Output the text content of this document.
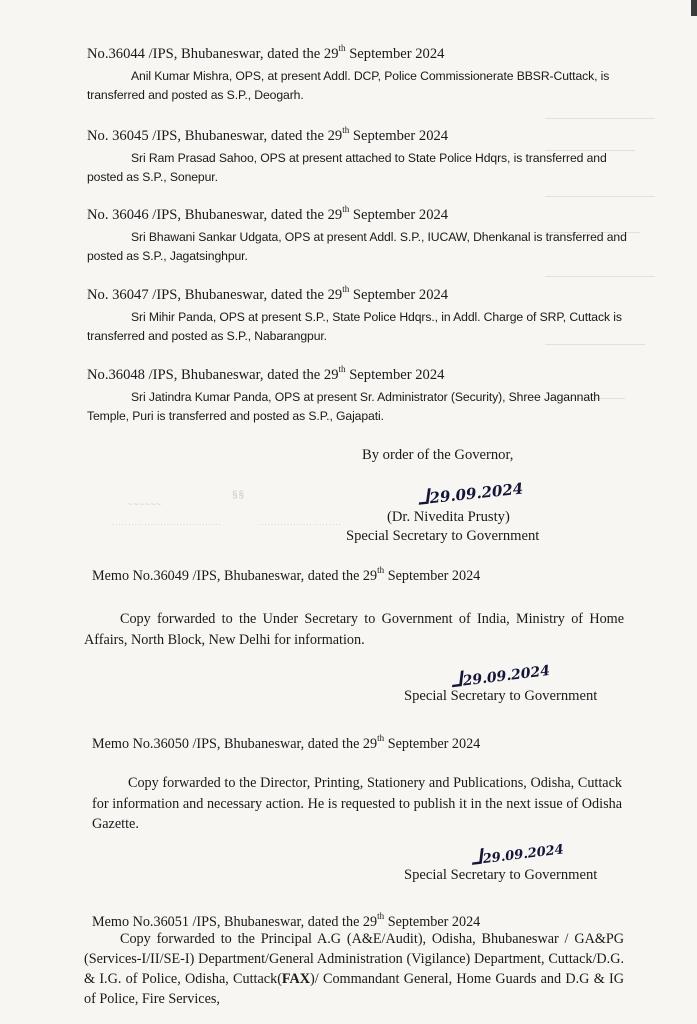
No.36044 /IPS, Bhubaneswar, dated the 29th September 2024
Anil Kumar Mishra, OPS, at present Addl. DCP, Police Commissionerate BBSR-Cuttack, is transferred and posted as S.P., Deogarh.
No. 36045 /IPS, Bhubaneswar, dated the 29th September 2024
Sri Ram Prasad Sahoo, OPS at present attached to State Police Hdqrs, is transferred and posted as S.P., Sonepur.
No. 36046 /IPS, Bhubaneswar, dated the 29th September 2024
Sri Bhawani Sankar Udgata, OPS at present Addl. S.P., IUCAW, Dhenkanal is transferred and posted as S.P., Jagatsinghpur.
No. 36047 /IPS, Bhubaneswar, dated the 29th September 2024
Sri Mihir Panda, OPS at present S.P., State Police Hdqrs., in Addl. Charge of SRP, Cuttack is transferred and posted as S.P., Nabarangpur.
No.36048 /IPS, Bhubaneswar, dated the 29th September 2024
Sri Jatindra Kumar Panda, OPS at present Sr. Administrator (Security), Shree Jagannath Temple, Puri is transferred and posted as S.P., Gajapati.
By order of the Governor,
~~~~~~
§§
..................................	..........................
ᒧ29.09.2024
(Dr. Nivedita Prusty)
Special Secretary to Government
Memo No.36049 /IPS, Bhubaneswar, dated the 29th September 2024
Copy forwarded to the Under Secretary to Government of India, Ministry of Home Affairs, North Block, New Delhi for information.
ᒧ29.09.2024
Special Secretary to Government
Memo No.36050 /IPS, Bhubaneswar, dated the 29th September 2024
Copy forwarded to the Director, Printing, Stationery and Publications, Odisha, Cuttack for information and necessary action. He is requested to publish it in the next issue of Odisha Gazette.
ᒧ29.09.2024
Special Secretary to Government
Memo No.36051 /IPS, Bhubaneswar, dated the 29th September 2024
Copy forwarded to the Principal A.G (A&E/Audit), Odisha, Bhubaneswar / GA&PG (Services-I/II/SE-I) Department/General Administration (Vigilance) Department, Cuttack/D.G. & I.G. of Police, Odisha, Cuttack(FAX)/ Commandant General, Home Guards and D.G & IG of Police, Fire Services,
